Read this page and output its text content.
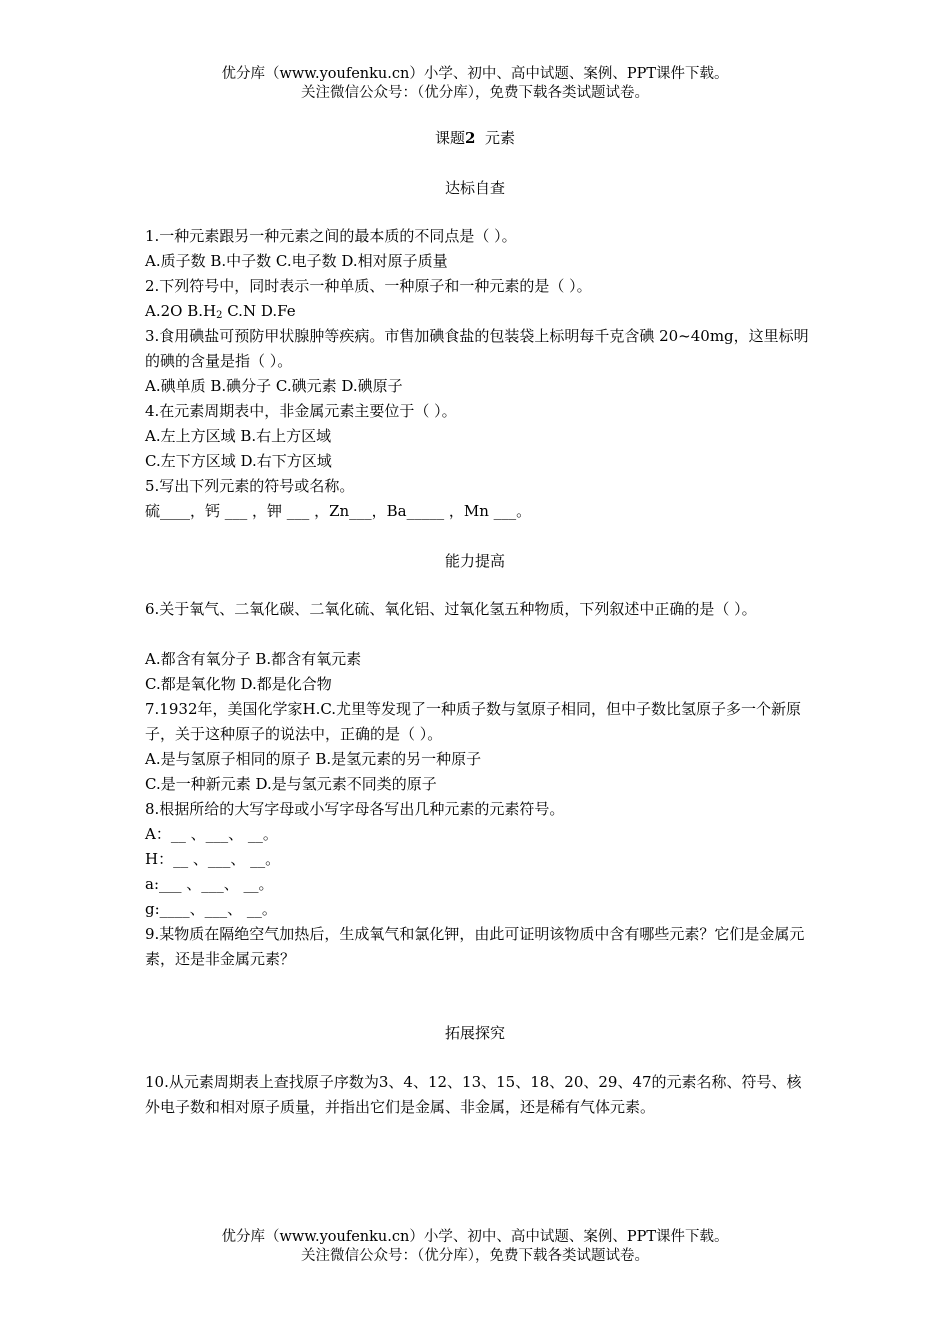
优分库（www.youfenku.cn）小学、初中、高中试题、案例、PPT课件下载。
关注微信公众号：（优分库），免费下载各类试题试卷。
课题2 元素
达标自查
1.一种元素跟另一种元素之间的最本质的不同点是（ ）。
A.质子数 B.中子数 C.电子数 D.相对原子质量
2.下列符号中，同时表示一种单质、一种原子和一种元素的是（ ）。
A.2O $B.H_2$ C.N D.Fe
3.食用碘盐可预防甲状腺肿等疾病。市售加碘食盐的包装袋上标明每千克含碘 20~40mg，这里标明的碘的含量是指（ ）。
A.碘单质 B.碘分子 C.碘元素 D.碘原子
4.在元素周期表中，非金属元素主要位于（ ）。
A.左上方区域 B.右上方区域
C.左下方区域 D.右下方区域
5.写出下列元素的符号或名称。
硫____，钙 ___ ，钾 ___ ，Zn___，Ba_____ ，Mn ___。
能力提高
6.关于氧气、二氧化碳、二氧化硫、氧化铝、过氧化氢五种物质，下列叙述中正确的是（ ）。
A.都含有氧分子 B.都含有氧元素
C.都是氧化物 D.都是化合物
7.1932年，美国化学家H.C.尤里等发现了一种质子数与氢原子相同，但中子数比氢原子多一个新原子，关于这种原子的说法中，正确的是（ ）。
A.是与氢原子相同的原子 B.是氢元素的另一种原子
C.是一种新元素 D.是与氢元素不同类的原子
8.根据所给的大写字母或小写字母各写出几种元素的元素符号。
A：__ 、___、 __。
H：__ 、___、 __。
a:___ 、___、 __。
g:____、___、 __。
9.某物质在隔绝空气加热后，生成氧气和氯化钾，由此可证明该物质中含有哪些元素？它们是金属元素，还是非金属元素？
拓展探究
10.从元素周期表上查找原子序数为3、4、12、13、15、18、20、29、47的元素名称、符号、核外电子数和相对原子质量，并指出它们是金属、非金属，还是稀有气体元素。
优分库（www.youfenku.cn）小学、初中、高中试题、案例、PPT课件下载。
关注微信公众号：（优分库），免费下载各类试题试卷。
